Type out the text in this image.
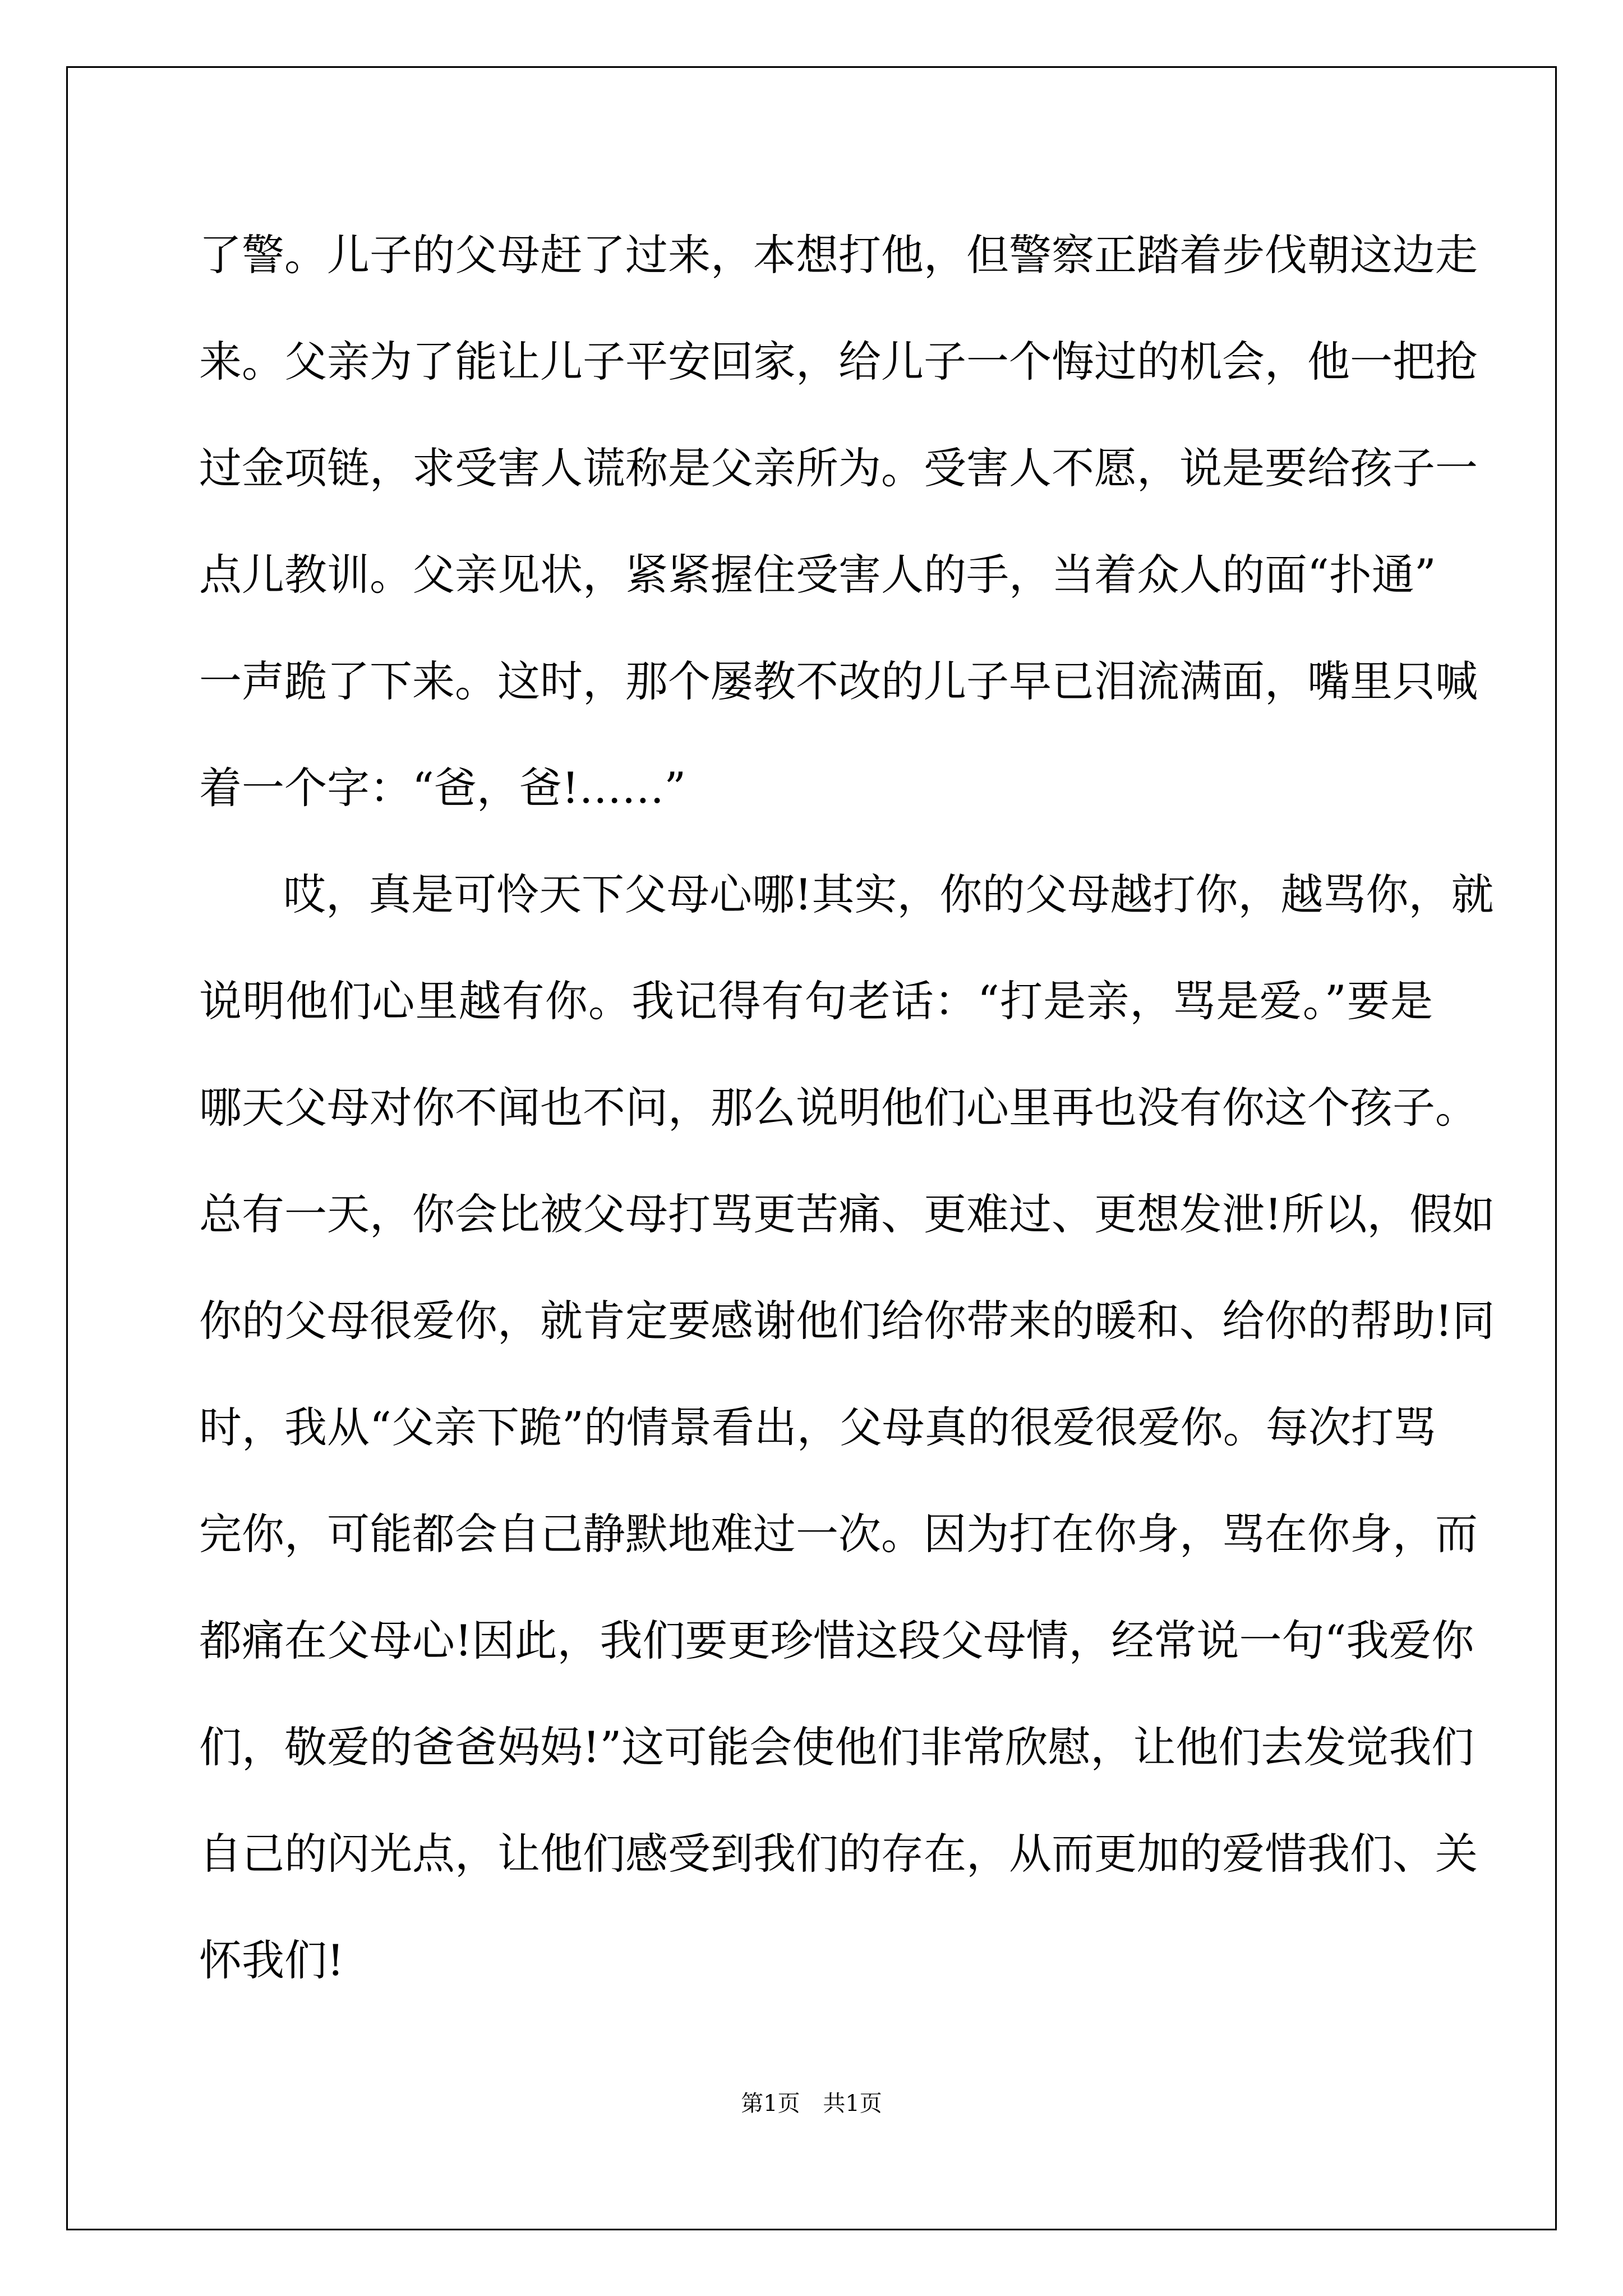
了警。儿子的父母赶了过来，本想打他，但警察正踏着步伐朝这边走
来。父亲为了能让儿子平安回家，给儿子一个悔过的机会，他一把抢
过金项链，求受害人谎称是父亲所为。受害人不愿，说是要给孩子一
点儿教训。父亲见状，紧紧握住受害人的手，当着众人的面“扑通”
一声跪了下来。这时，那个屡教不改的儿子早已泪流满面，嘴里只喊
着一个字：“爸，爸!……”
哎，真是可怜天下父母心哪!其实，你的父母越打你，越骂你，就
说明他们心里越有你。我记得有句老话：“打是亲，骂是爱。”要是
哪天父母对你不闻也不问，那么说明他们心里再也没有你这个孩子。
总有一天，你会比被父母打骂更苦痛、更难过、更想发泄!所以，假如
你的父母很爱你，就肯定要感谢他们给你带来的暖和、给你的帮助!同
时，我从“父亲下跪”的情景看出，父母真的很爱很爱你。每次打骂
完你，可能都会自己静默地难过一次。因为打在你身，骂在你身，而
都痛在父母心!因此，我们要更珍惜这段父母情，经常说一句“我爱你
们，敬爱的爸爸妈妈!”这可能会使他们非常欣慰，让他们去发觉我们
自己的闪光点，让他们感受到我们的存在，从而更加的爱惜我们、关
怀我们!
第1页 共1页
